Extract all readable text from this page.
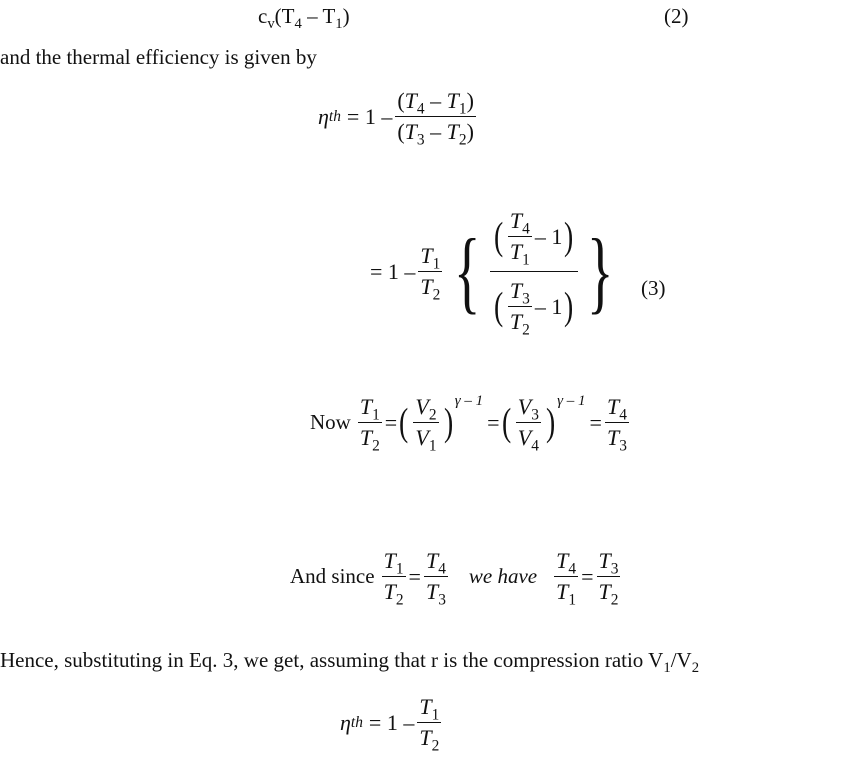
$c_v(T_4 - T_1)$	(2)
and the thermal efficiency is given by
η th = $1 - \frac{(T_4 - T_1)}{(T_3 - T_2)}$
= $1 - \frac{T_1}{T_2}$ { $\frac{( \frac{T_4}{T_1} - 1 )}{( \frac{T_3}{T_2} - 1 )}$ } (3)
Now $\frac{T_1}{T_2}$ = ( $\frac{V_2}{V_1}$ ) γ – 1
= ( $\frac{V_3}{V_4}$ ) γ – 1
= $\frac{T_4}{T_3}$
And since $\frac{T_1}{T_2} = \frac{T_4}{T_3}$ we have $\frac{T_4}{T_1} = \frac{T_3}{T_2}$
Hence, substituting in Eq. 3, we get, assuming that r is the compression ratio $V_1/V_2$
η th = $1 - \frac{T_1}{T_2}$
